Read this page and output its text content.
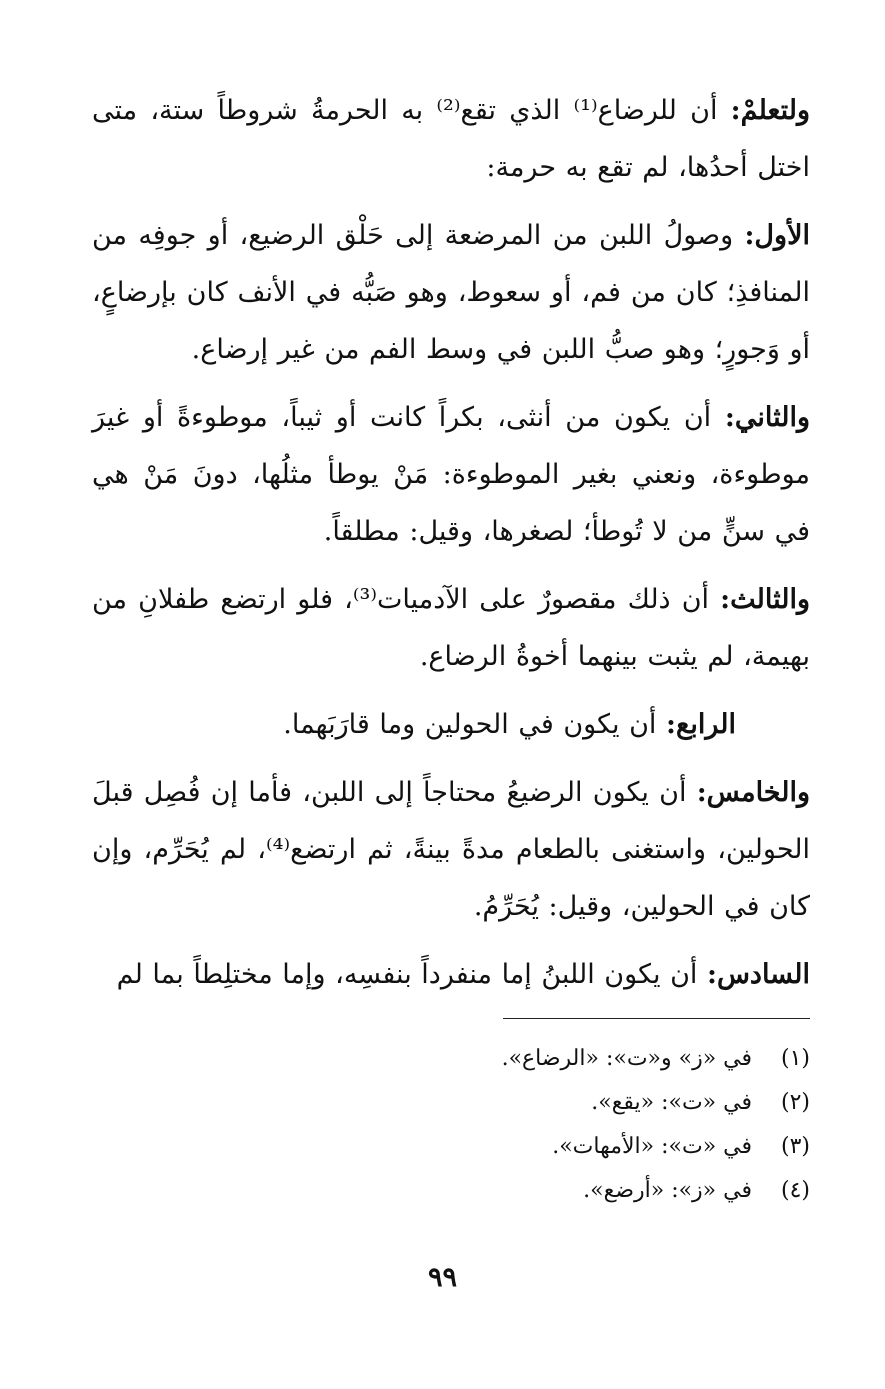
ولتعلمْ: أن للرضاع⁽¹⁾ الذي تقع⁽²⁾ به الحرمةُ شروطاً ستة، متى اختل أحدُها، لم تقع به حرمة:

الأول: وصولُ اللبن من المرضعة إلى حَلْق الرضيع، أو جوفِه من المنافذِ؛ كان من فم، أو سعوط، وهو صَبُّه في الأنف كان بإرضاعٍ، أو وَجورٍ؛ وهو صبُّ اللبن في وسط الفم من غير إرضاع.

والثاني: أن يكون من أنثى، بكراً كانت أو ثيباً، موطوءةً أو غيرَ موطوءة، ونعني بغير الموطوءة: مَنْ يوطأ مثلُها، دونَ مَنْ هي في سنٍّ من لا تُوطأ؛ لصغرها، وقيل: مطلقاً.

والثالث: أن ذلك مقصورٌ على الآدميات⁽³⁾، فلو ارتضع طفلانِ من بهيمة، لم يثبت بينهما أخوةُ الرضاع.

الرابع: أن يكون في الحولين وما قارَبَهما.

والخامس: أن يكون الرضيعُ محتاجاً إلى اللبن، فأما إن فُصِل قبلَ الحولين، واستغنى بالطعام مدةً بينةً، ثم ارتضع⁽⁴⁾، لم يُحَرِّم، وإن كان في الحولين، وقيل: يُحَرِّمُ.

السادس: أن يكون اللبنُ إما منفرداً بنفسِه، وإما مختلِطاً بما لم

(١)
في «ز» و«ت»: «الرضاع».
(٢)
في «ت»: «يقع».
(٣)
في «ت»: «الأمهات».
(٤)
في «ز»: «أرضع».
٩٩
